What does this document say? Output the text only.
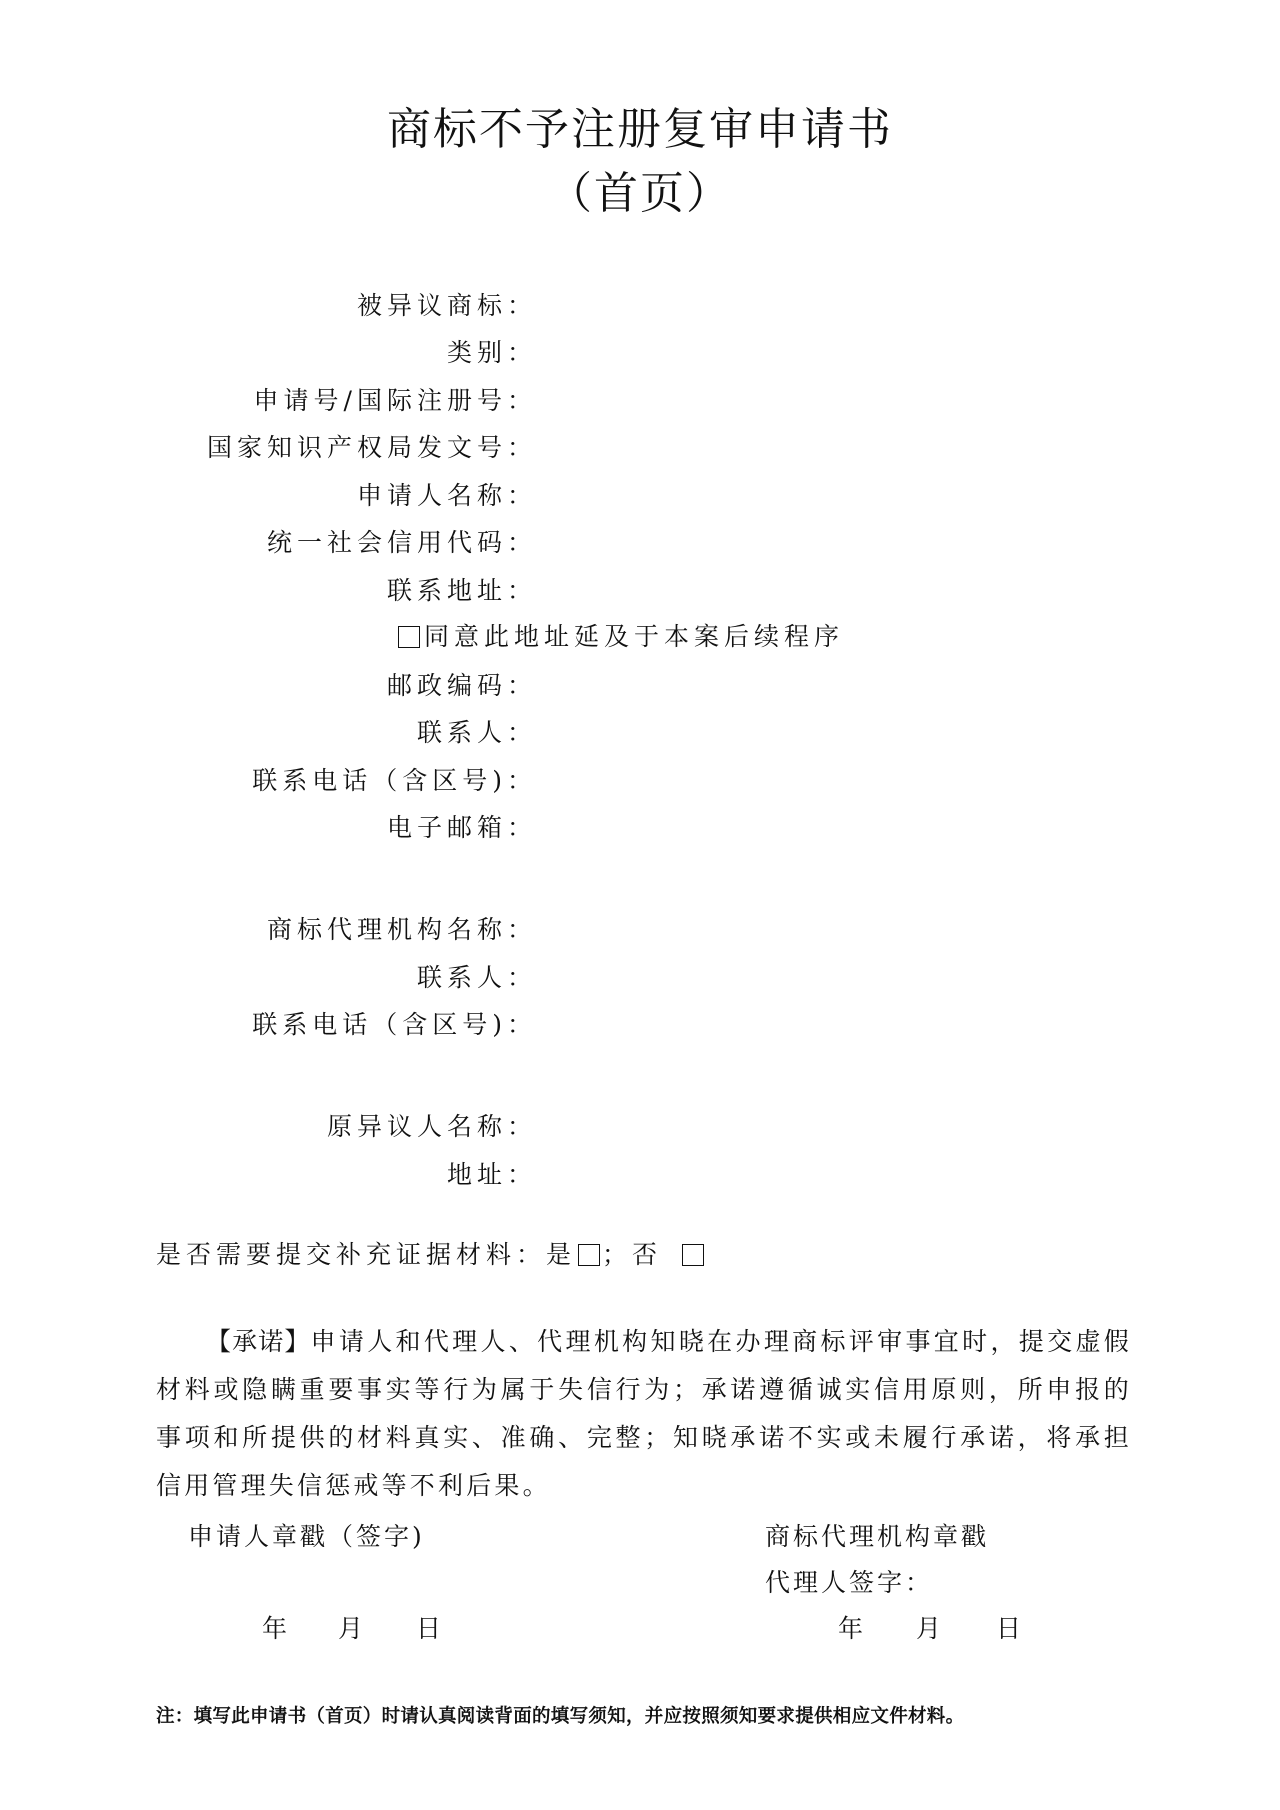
商标不予注册复审申请书
（首页）
被异议商标：
类别：
申请号/国际注册号：
国家知识产权局发文号：
申请人名称：
统一社会信用代码：
联系地址：
同意此地址延及于本案后续程序
邮政编码：
联系人：
联系电话（含区号)：
电子邮箱：
商标代理机构名称：
联系人：
联系电话（含区号)：
原异议人名称：
地址：
是否需要提交补充证据材料：是 ；否
【承诺】申请人和代理人、代理机构知晓在办理商标评审事宜时，提交虚假材料或隐瞒重要事实等行为属于失信行为；承诺遵循诚实信用原则，所申报的事项和所提供的材料真实、准确、完整；知晓承诺不实或未履行承诺，将承担信用管理失信惩戒等不利后果。
申请人章戳（签字)
年 月 日
商标代理机构章戳
代理人签字：
年 月 日
注：填写此申请书（首页）时请认真阅读背面的填写须知，并应按照须知要求提供相应文件材料。
